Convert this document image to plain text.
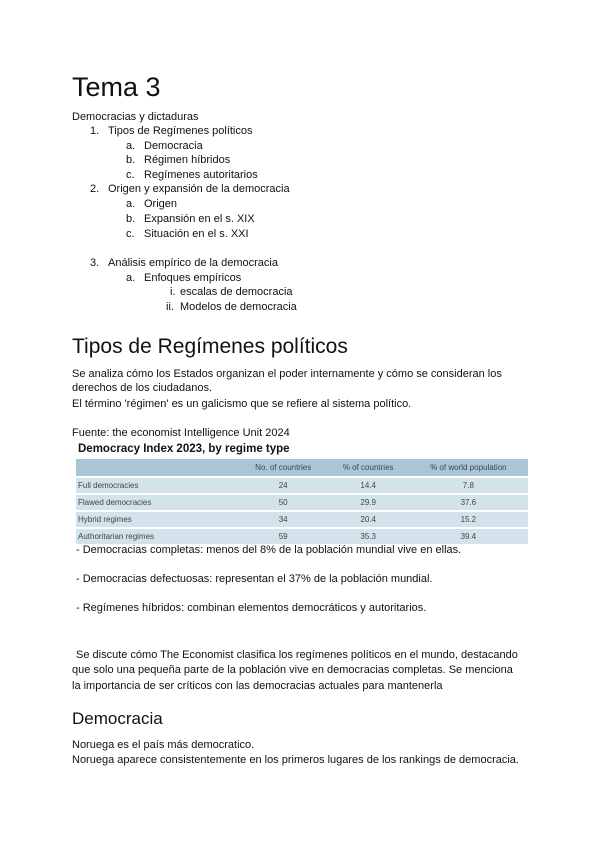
Tema 3
Democracias y dictaduras
1. Tipos de Regímenes políticos
a. Democracia
b. Régimen híbridos
c. Regímenes autoritarios
2. Origen y expansión de la democracia
a. Origen
b. Expansión en el s. XIX
c. Situación en el s. XXI
3. Análisis empírico de la democracia
a. Enfoques empíricos
i. escalas de democracia
ii. Modelos de democracia
Tipos de Regímenes políticos
Se analiza cómo los Estados organizan el poder internamente y cómo se consideran los
derechos de los ciudadanos.
El término 'régimen' es un galicismo que se refiere al sistema político.
Fuente: the economist Intelligence Unit 2024
Democracy Index 2023, by regime type
	No. of countries	% of countries	% of world population
Full democracies	24	14.4	7.8
Flawed democracies	50	29.9	37.6
Hybrid regimes	34	20.4	15.2
Authoritarian regimes	59	35.3	39.4
- Democracias completas: menos del 8% de la población mundial vive en ellas.
- Democracias defectuosas: representan el 37% de la población mundial.
- Regímenes híbridos: combinan elementos democráticos y autoritarios.
Se discute cómo The Economist clasifica los regímenes políticos en el mundo, destacando
que solo una pequeña parte de la población vive en democracias completas. Se menciona
la importancia de ser críticos con las democracias actuales para mantenerla
Democracia
Noruega es el país más democratico.
Noruega aparece consistentemente en los primeros lugares de los rankings de democracia.
